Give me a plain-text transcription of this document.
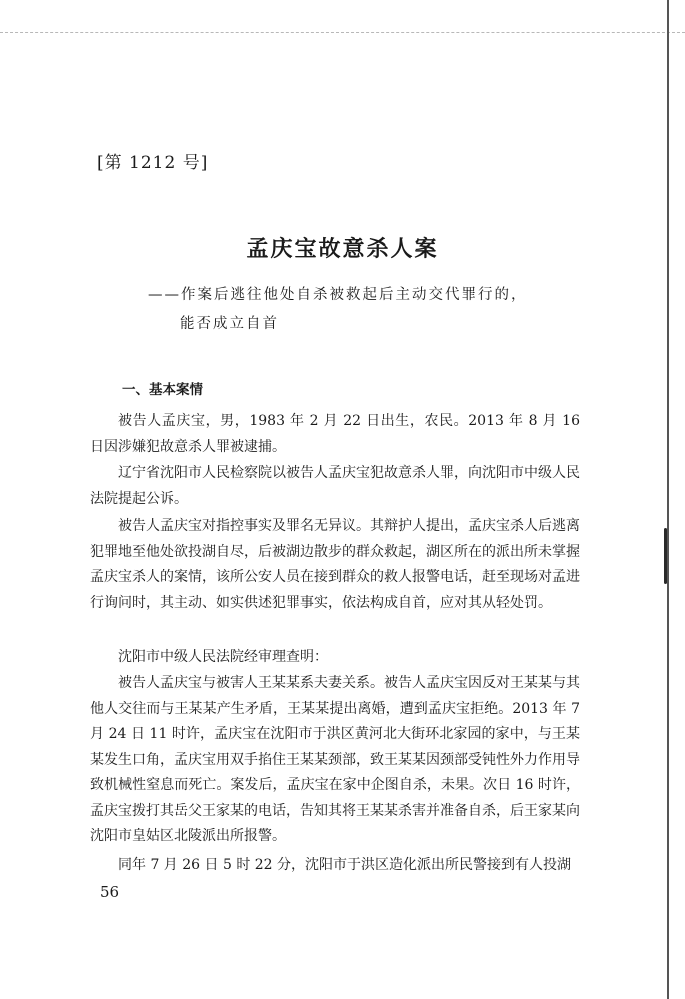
[第 1212 号]
孟庆宝故意杀人案
——作案后逃往他处自杀被救起后主动交代罪行的，
能否成立自首
一、基本案情

被告人孟庆宝，男，1983 年 2 月 22 日出生，农民。2013 年 8 月 16 日因涉嫌犯故意杀人罪被逮捕。

辽宁省沈阳市人民检察院以被告人孟庆宝犯故意杀人罪，向沈阳市中级人民法院提起公诉。

被告人孟庆宝对指控事实及罪名无异议。其辩护人提出，孟庆宝杀人后逃离犯罪地至他处欲投湖自尽，后被湖边散步的群众救起，湖区所在的派出所未掌握孟庆宝杀人的案情，该所公安人员在接到群众的救人报警电话，赶至现场对孟进行询问时，其主动、如实供述犯罪事实，依法构成自首，应对其从轻处罚。

沈阳市中级人民法院经审理查明：

被告人孟庆宝与被害人王某某系夫妻关系。被告人孟庆宝因反对王某某与其他人交往而与王某某产生矛盾，王某某提出离婚，遭到孟庆宝拒绝。2013 年 7 月 24 日 11 时许，孟庆宝在沈阳市于洪区黄河北大街环北家园的家中，与王某某发生口角，孟庆宝用双手掐住王某某颈部，致王某某因颈部受钝性外力作用导致机械性窒息而死亡。案发后，孟庆宝在家中企图自杀，未果。次日 16 时许，孟庆宝拨打其岳父王家某的电话，告知其将王某某杀害并准备自杀，后王家某向沈阳市皇姑区北陵派出所报警。

同年 7 月 26 日 5 时 22 分，沈阳市于洪区造化派出所民警接到有人投湖

56
